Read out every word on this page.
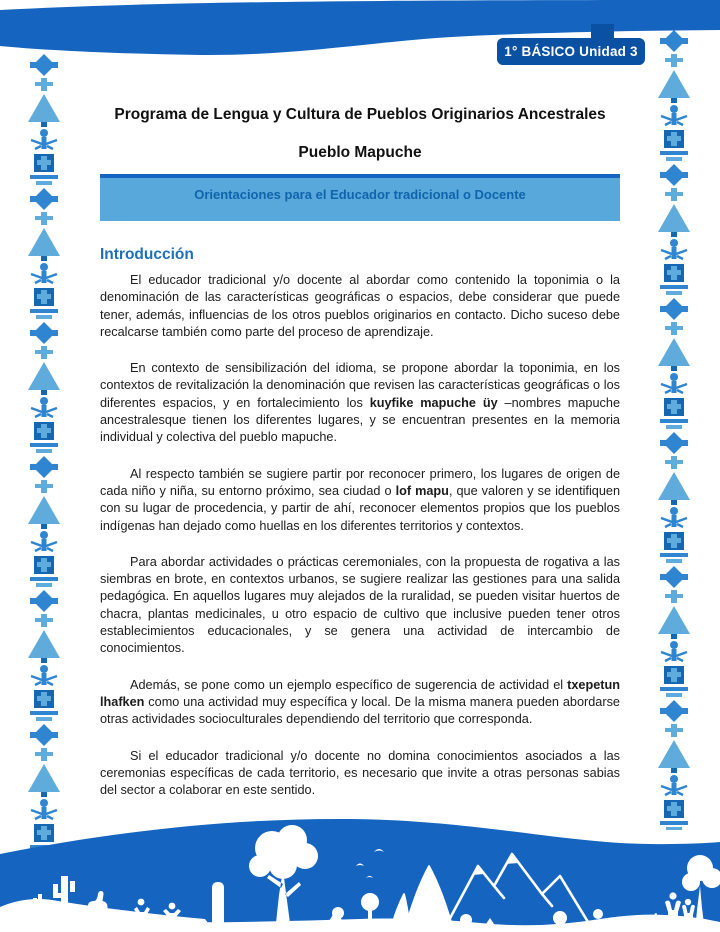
1° BÁSICO Unidad 3
Programa de Lengua y Cultura de Pueblos Originarios Ancestrales
Pueblo Mapuche
Orientaciones para el Educador tradicional o Docente
Introducción

El educador tradicional y/o docente al abordar como contenido la toponimia o la denominación de las características geográficas o espacios, debe considerar que puede tener, además, influencias de los otros pueblos originarios en contacto. Dicho suceso debe recalcarse también como parte del proceso de aprendizaje.

En contexto de sensibilización del idioma, se propone abordar la toponimia, en los contextos de revitalización la denominación que revisen las características geográficas o los diferentes espacios, y en fortalecimiento los kuyfike mapuche üy –nombres mapuche ancestralesque tienen los diferentes lugares, y se encuentran presentes en la memoria individual y colectiva del pueblo mapuche.

Al respecto también se sugiere partir por reconocer primero, los lugares de origen de cada niño y niña, su entorno próximo, sea ciudad o lof mapu, que valoren y se identifiquen con su lugar de procedencia, y partir de ahí, reconocer elementos propios que los pueblos indígenas han dejado como huellas en los diferentes territorios y contextos.

Para abordar actividades o prácticas ceremoniales, con la propuesta de rogativa a las siembras en brote, en contextos urbanos, se sugiere realizar las gestiones para una salida pedagógica. En aquellos lugares muy alejados de la ruralidad, se pueden visitar huertos de chacra, plantas medicinales, u otro espacio de cultivo que inclusive pueden tener otros establecimientos educacionales, y se genera una actividad de intercambio de conocimientos.

Además, se pone como un ejemplo específico de sugerencia de actividad el txepetun lhafken como una actividad muy específica y local. De la misma manera pueden abordarse otras actividades socioculturales dependiendo del territorio que corresponda.

Si el educador tradicional y/o docente no domina conocimientos asociados a las ceremonias específicas de cada territorio, es necesario que invite a otras personas sabias del sector a colaborar en este sentido.
